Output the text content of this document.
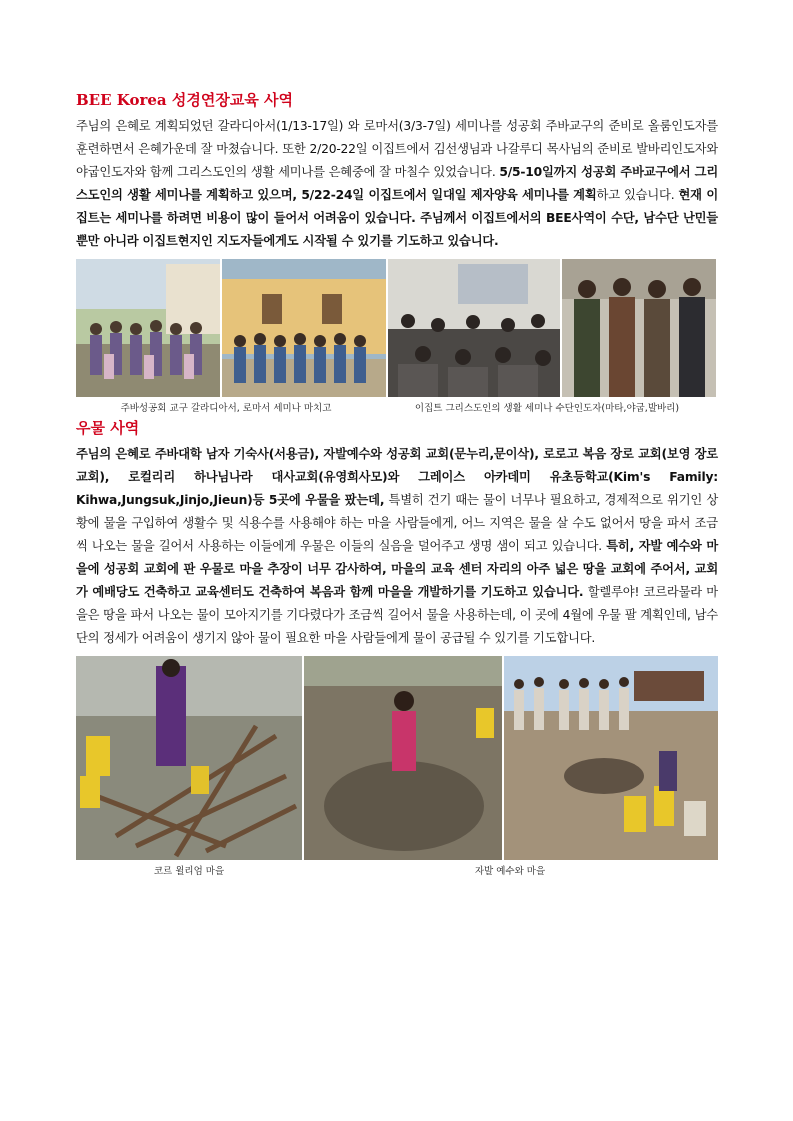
BEE Korea 성경연장교육 사역

주님의 은혜로 계획되었던 갈라디아서(1/13-17일) 와 로마서(3/3-7일) 세미나를 성공회 주바교구의 준비로 올룸인도자를 훈련하면서 은혜가운데 잘 마쳤습니다. 또한 2/20-22일 이집트에서 김선생님과 나갈루디 목사님의 준비로 발바리인도자와 야굽인도자와 함께 그리스도인의 생활 세미나를 은혜중에 잘 마칠수 있었습니다. 5/5-10일까지 성공회 주바교구에서 그리스도인의 생활 세미나를 계획하고 있으며, 5/22-24일 이집트에서 일대일 제자양육 세미나를 계획하고 있습니다. 현재 이집트는 세미나를 하려면 비용이 많이 들어서 어려움이 있습니다. 주님께서 이집트에서의 BEE사역이 수단, 남수단 난민들뿐만 아니라 이집트현지인 지도자들에게도 시작될 수 있기를 기도하고 있습니다.

주바성공회 교구 갈라디아서, 로마서 세미나 마치고	이집트 그리스도인의 생활 세미나 수단인도자(마타,야굽,발바리)
우물 사역

주님의 은혜로 주바대학 남자 기숙사(서용금), 자발예수와 성공회 교회(문누리,문이삭), 로로고 복음 장로 교회(보영 장로교회), 로컬리리 하나님나라 대사교회(유영희사모)와 그레이스 아카데미 유초등학교(Kim's Family: Kihwa,Jungsuk,Jinjo,Jieun)등 5곳에 우물을 팠는데, 특별히 건기 때는 물이 너무나 필요하고, 경제적으로 위기인 상황에 물을 구입하여 생활수 및 식용수를 사용해야 하는 마을 사람들에게, 어느 지역은 물을 살 수도 없어서 땅을 파서 조금씩 나오는 물을 길어서 사용하는 이들에게 우물은 이들의 실음을 덜어주고 생명 샘이 되고 있습니다. 특히, 자발 예수와 마을에 성공회 교회에 판 우물로 마을 추장이 너무 감사하여, 마을의 교육 센터 자리의 아주 넓은 땅을 교회에 주어서, 교회가 예배당도 건축하고 교육센터도 건축하여 복음과 함께 마을을 개발하기를 기도하고 있습니다. 할렐루야! 코르라물라 마을은 땅을 파서 나오는 물이 모아지기를 기다렸다가 조금씩 길어서 물을 사용하는데, 이 곳에 4월에 우물 팔 계획인데, 남수단의 정세가 어려움이 생기지 않아 물이 필요한 마을 사람들에게 물이 공급될 수 있기를 기도합니다.

코르 윌리엄 마을	자발 예수와 마을
